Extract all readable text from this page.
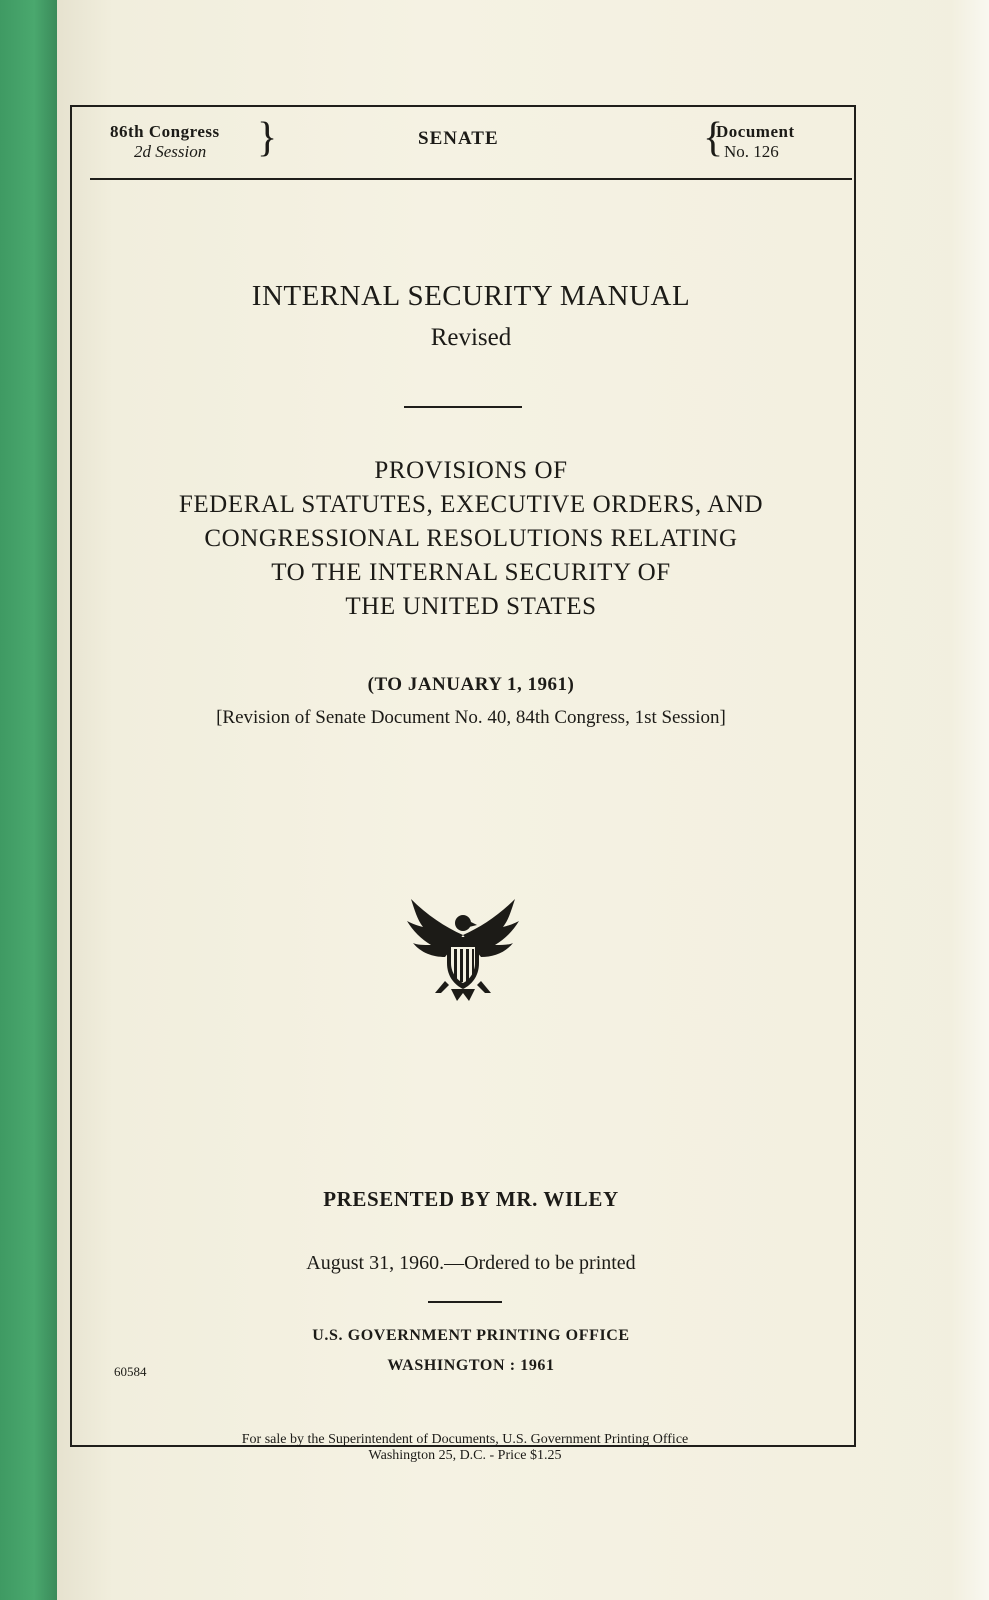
86th Congress
2d Session	}	SENATE	{
Document
No. 126
INTERNAL SECURITY MANUAL
Revised
PROVISIONS OF
FEDERAL STATUTES, EXECUTIVE ORDERS, AND
CONGRESSIONAL RESOLUTIONS RELATING
TO THE INTERNAL SECURITY OF
THE UNITED STATES
(TO JANUARY 1, 1961)
[Revision of Senate Document No. 40, 84th Congress, 1st Session]
PRESENTED BY MR. WILEY
August 31, 1960.—Ordered to be printed
U.S. GOVERNMENT PRINTING OFFICE
WASHINGTON : 1961
60584
For sale by the Superintendent of Documents, U.S. Government Printing Office
Washington 25, D.C. - Price $1.25
